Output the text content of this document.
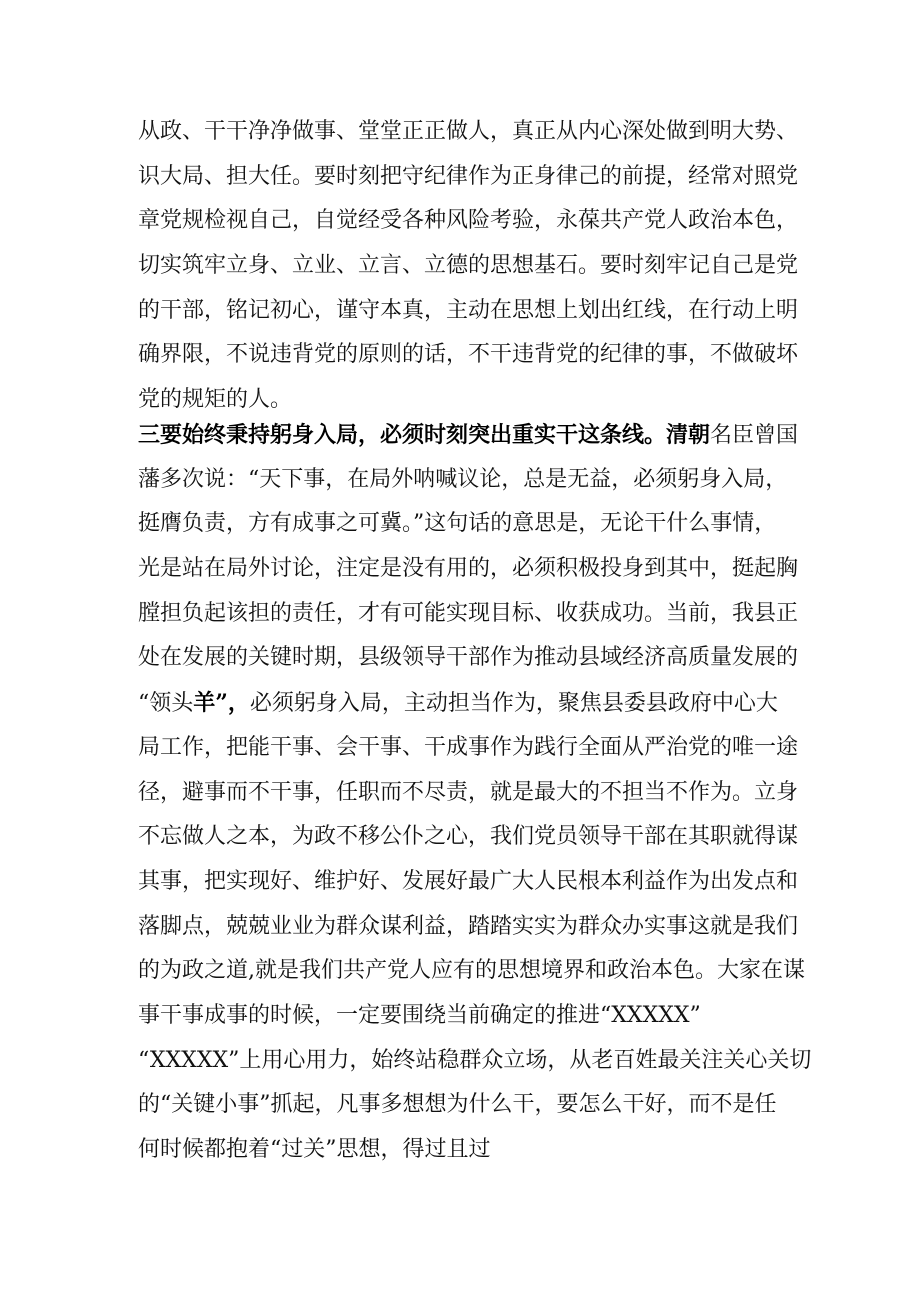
从政、干干净净做事、堂堂正正做人，真正从内心深处做到明大势、
识大局、担大任。要时刻把守纪律作为正身律己的前提，经常对照党
章党规检视自己，自觉经受各种风险考验，永葆共产党人政治本色，
切实筑牢立身、立业、立言、立德的思想基石。要时刻牢记自己是党
的干部，铭记初心，谨守本真，主动在思想上划出红线，在行动上明
确界限，不说违背党的原则的话，不干违背党的纪律的事，不做破坏
党的规矩的人。
三要始终秉持躬身入局，必须时刻突出重实干这条线。清朝名臣曾国
藩多次说：“天下事，在局外呐喊议论，总是无益，必须躬身入局，
挺膺负责，方有成事之可冀。”这句话的意思是，无论干什么事情，
光是站在局外讨论，注定是没有用的，必须积极投身到其中，挺起胸
膛担负起该担的责任，才有可能实现目标、收获成功。当前，我县正
处在发展的关键时期，县级领导干部作为推动县域经济高质量发展的
“领头羊”，必须躬身入局，主动担当作为，聚焦县委县政府中心大
局工作，把能干事、会干事、干成事作为践行全面从严治党的唯一途
径，避事而不干事，任职而不尽责，就是最大的不担当不作为。立身
不忘做人之本，为政不移公仆之心，我们党员领导干部在其职就得谋
其事，把实现好、维护好、发展好最广大人民根本利益作为出发点和
落脚点，兢兢业业为群众谋利益，踏踏实实为群众办实事这就是我们
的为政之道,就是我们共产党人应有的思想境界和政治本色。大家在谋
事干事成事的时候，一定要围绕当前确定的推进“XXXXX”
“XXXXX”上用心用力，始终站稳群众立场，从老百姓最关注关心关切
的“关键小事”抓起，凡事多想想为什么干，要怎么干好，而不是任
何时候都抱着“过关”思想，得过且过
